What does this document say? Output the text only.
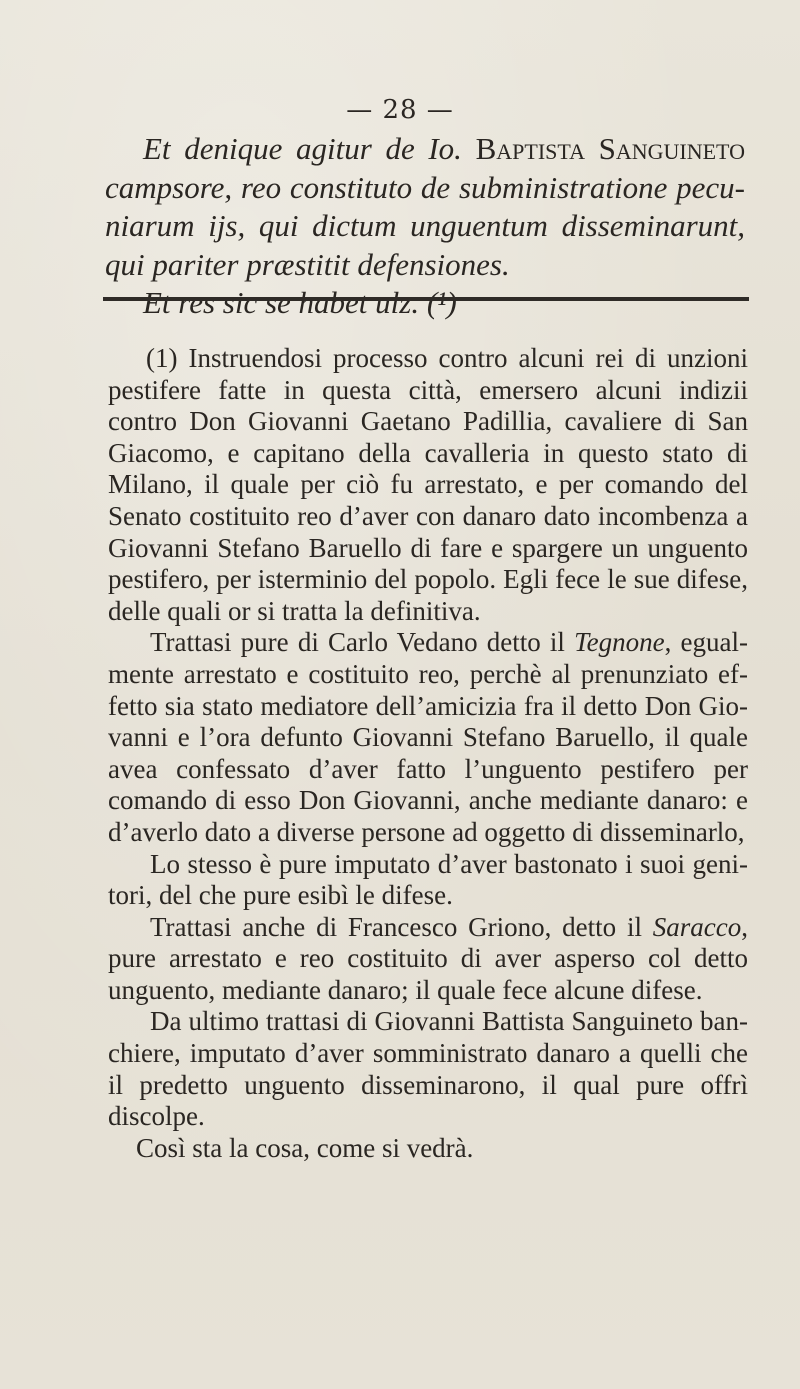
— 28 —

Et denique agitur de Io. Baptista Sanguineto campsore, reo constituto de subministratione pecuniarum ijs, qui dictum unguentum disseminarunt, qui pariter præstitit defensiones.

Et res sic se habet ulz. (¹)

(1) Instruendosi processo contro alcuni rei di unzioni pestifere fatte in questa città, emersero alcuni indizii contro Don Giovanni Gaetano Padillia, cavaliere di San Giacomo, e capitano della cavalleria in questo stato di Milano, il quale per ciò fu arrestato, e per comando del Senato costituito reo d’aver con danaro dato incombenza a Giovanni Stefano Baruello di fare e spargere un unguento pestifero, per isterminio del popolo. Egli fece le sue difese, delle quali or si tratta la definitiva.

Trattasi pure di Carlo Vedano detto il Tegnone, egualmente arrestato e costituito reo, perchè al prenunziato effetto sia stato mediatore dell’amicizia fra il detto Don Giovanni e l’ora defunto Giovanni Stefano Baruello, il quale avea confessato d’aver fatto l’unguento pestifero per comando di esso Don Giovanni, anche mediante danaro: e d’averlo dato a diverse persone ad oggetto di disseminarlo,

Lo stesso è pure imputato d’aver bastonato i suoi genitori, del che pure esibì le difese.

Trattasi anche di Francesco Griono, detto il Saracco, pure arrestato e reo costituito di aver asperso col detto unguento, mediante danaro; il quale fece alcune difese.

Da ultimo trattasi di Giovanni Battista Sanguineto banchiere, imputato d’aver somministrato danaro a quelli che il predetto unguento disseminarono, il qual pure offrì discolpe.

Così sta la cosa, come si vedrà.
